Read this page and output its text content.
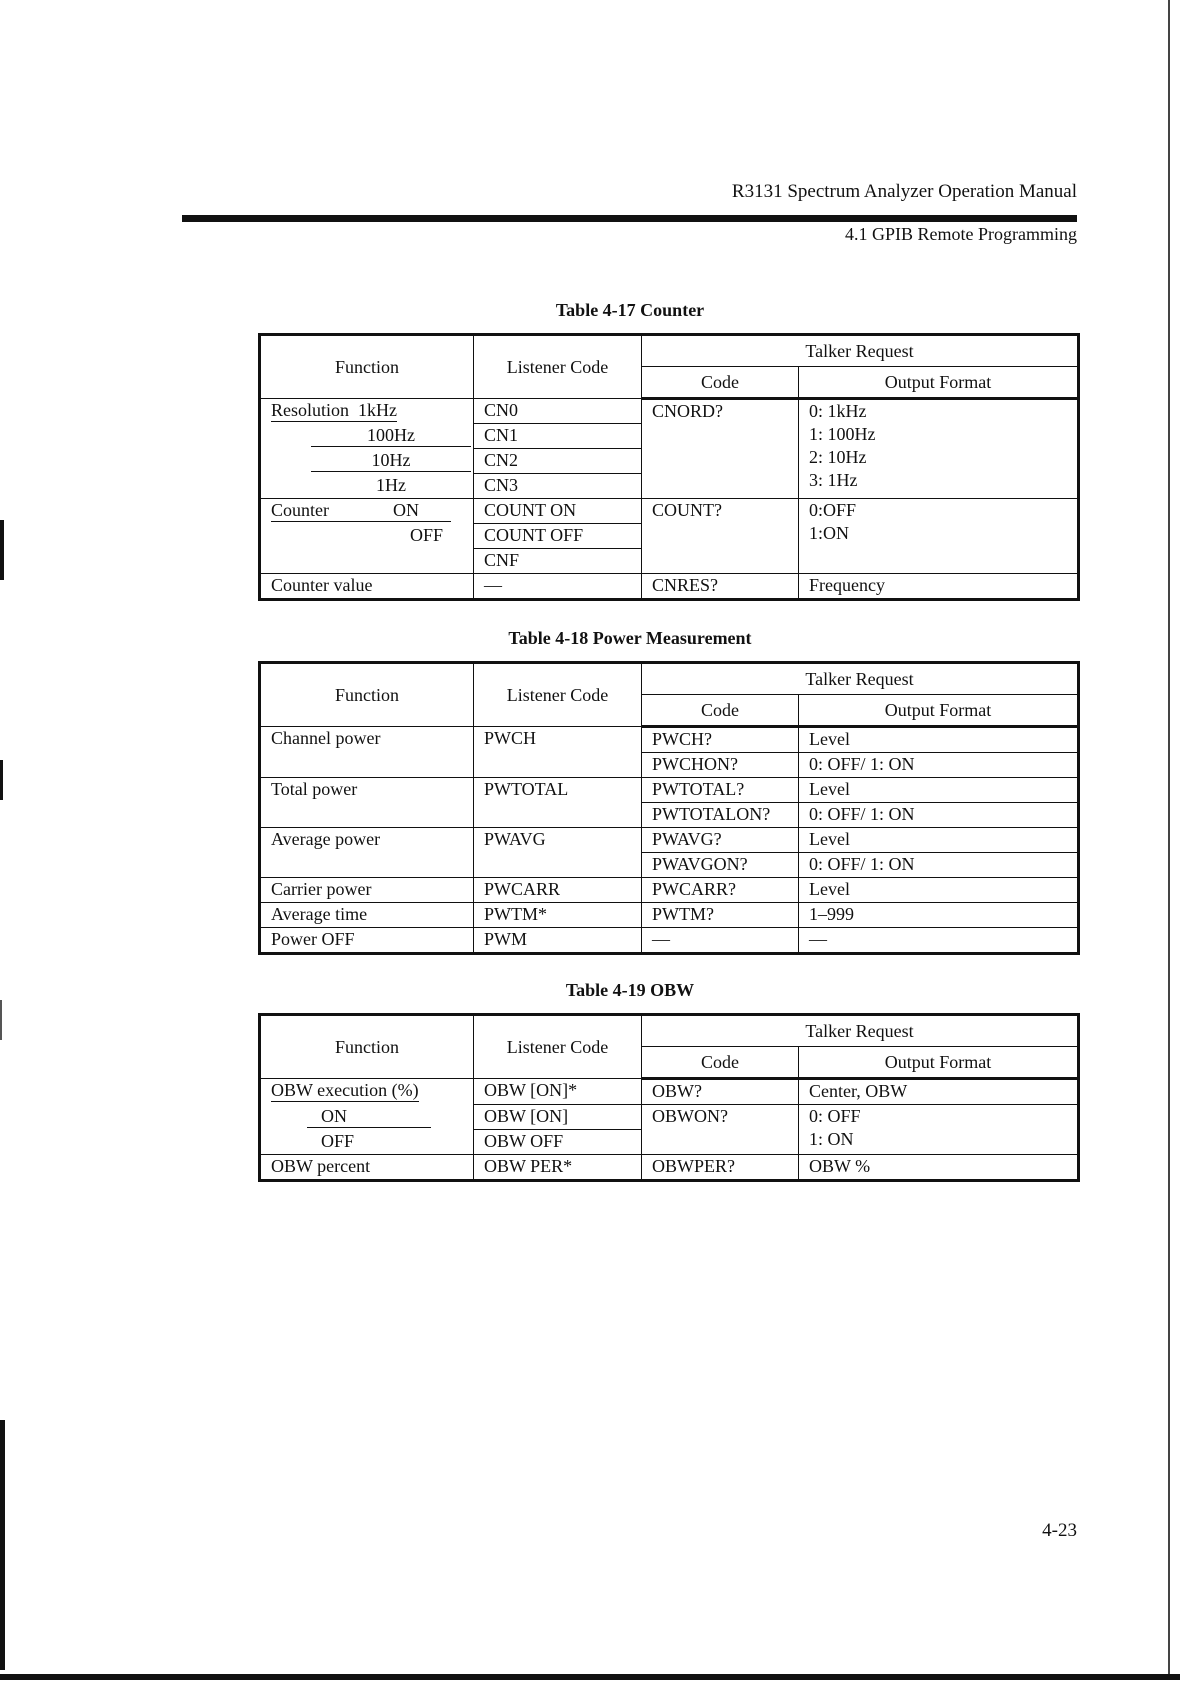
R3131 Spectrum Analyzer Operation Manual
4.1 GPIB Remote Programming
Table 4-17 Counter
Function	Listener Code	Talker Request	
		Code	Output Format
Resolution 1kHz	CN0	CNORD?	0: 1kHz
1: 100Hz
2: 10Hz
3: 1Hz

100Hz	CN1		
10Hz	CN2		
1Hz	CN3		
Counter ON	COUNT ON	COUNT?	0:OFF
1:ON

OFF	COUNT OFF		
	CNF		
Counter value	—	CNRES?	Frequency
Table 4-18 Power Measurement
Function	Listener Code	Talker Request	
		Code	Output Format
Channel power	PWCH	PWCH?	Level
		PWCHON?	0: OFF/ 1: ON
Total power	PWTOTAL	PWTOTAL?	Level
		PWTOTALON?	0: OFF/ 1: ON
Average power	PWAVG	PWAVG?	Level
		PWAVGON?	0: OFF/ 1: ON
Carrier power	PWCARR	PWCARR?	Level
Average time	PWTM*	PWTM?	1–999
Power OFF	PWM	—	—
Table 4-19 OBW
Function	Listener Code	Talker Request	
		Code	Output Format
OBW execution (%)	OBW [ON]*	OBW?	Center, OBW
ON	OBW [ON]	OBWON?	0: OFF
1: ON

OFF	OBW OFF		
OBW percent	OBW PER*	OBWPER?	OBW %
4-23
